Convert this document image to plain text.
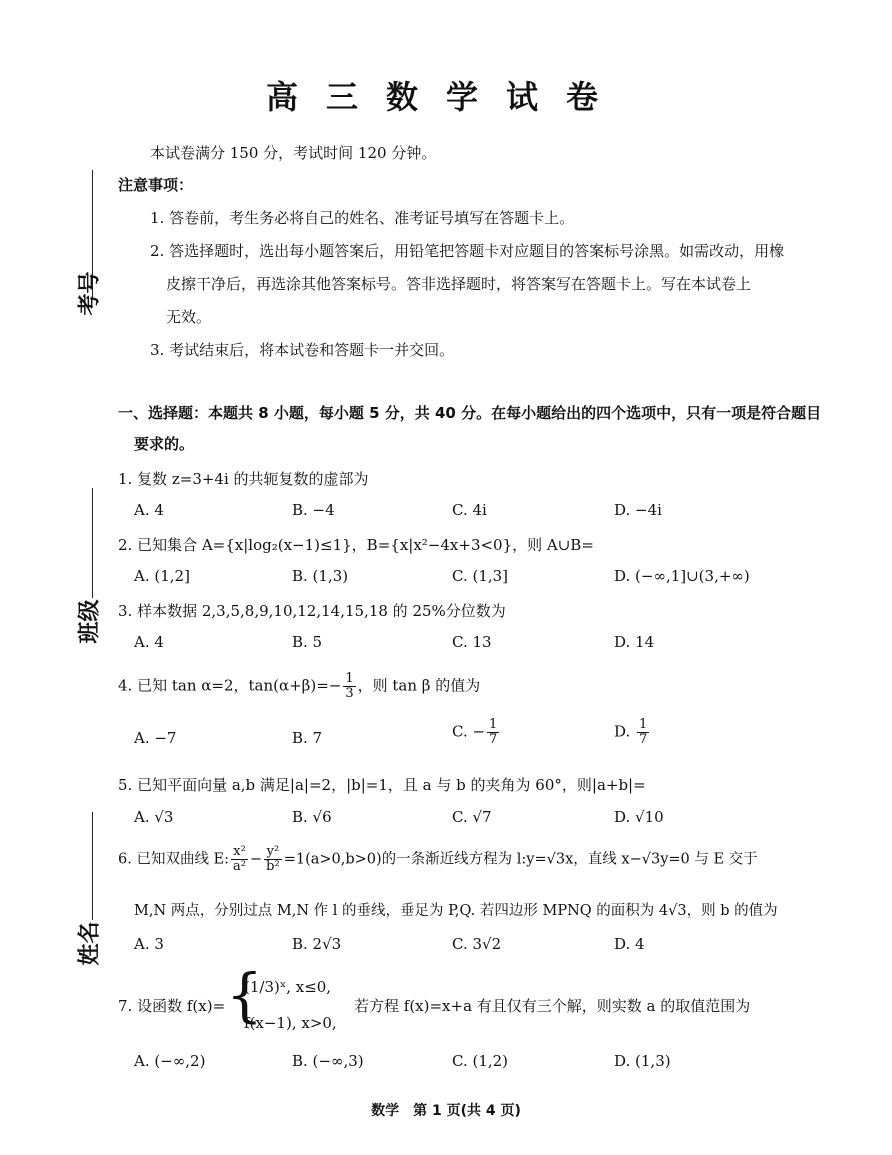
考号
班级
姓名
高三数学试卷
本试卷满分 150 分，考试时间 120 分钟。
注意事项：
1. 答卷前，考生务必将自己的姓名、准考证号填写在答题卡上。
2. 答选择题时，选出每小题答案后，用铅笔把答题卡对应题目的答案标号涂黑。如需改动，用橡
皮擦干净后，再选涂其他答案标号。答非选择题时，将答案写在答题卡上。写在本试卷上
无效。
3. 考试结束后，将本试卷和答题卡一并交回。
一、选择题：本题共 8 小题，每小题 5 分，共 40 分。在每小题给出的四个选项中，只有一项是符合题目
要求的。
1. 复数 z=3+4i 的共轭复数的虚部为
A. 4	B. −4	C. 4i	D. −4i
2. 已知集合 A={x|log₂(x−1)≤1}，B={x|x²−4x+3<0}，则 A∪B=
A. (1,2]	B. (1,3)	C. (1,3]	D. (−∞,1]∪(3,+∞)
3. 样本数据 2,3,5,8,9,10,12,14,15,18 的 25%分位数为
A. 4	B. 5	C. 13	D. 14
4. 已知 tan α=2，$\tan(\alpha+\beta)=- \frac{1}{3}$ ，则 tan β 的值为
A. −7	B. 7	C. − $\frac{1}{7}$	D. $\frac{1}{7}$
5. 已知平面向量 a,b 满足|a|=2，|b|=1，且 a 与 b 的夹角为 60°，则|a+b|=
A. √3	B. √6	C. √7	D. √10
6. 已知双曲线 E: $\frac{\text{x²}}{\text{a²}} - \frac{\text{y²}}{\text{b²}} =1(a>0,b>0)$的一条渐近线方程为 l:y=√3x，直线 x−√3y=0 与 E 交于
M,N 两点，分别过点 M,N 作 l 的垂线，垂足为 P,Q. 若四边形 MPNQ 的面积为 4√3，则 b 的值为
A. 3	B. 2√3	C. 3√2	D. 4
7. 设函数 f(x)= {
(1/3)ˣ, x≤0,
f(x−1), x>0,
若方程 f(x)=x+a 有且仅有三个解，则实数 a 的取值范围为
A. (−∞,2)	B. (−∞,3)	C. (1,2)	D. (1,3)
数学　第 1 页(共 4 页)
